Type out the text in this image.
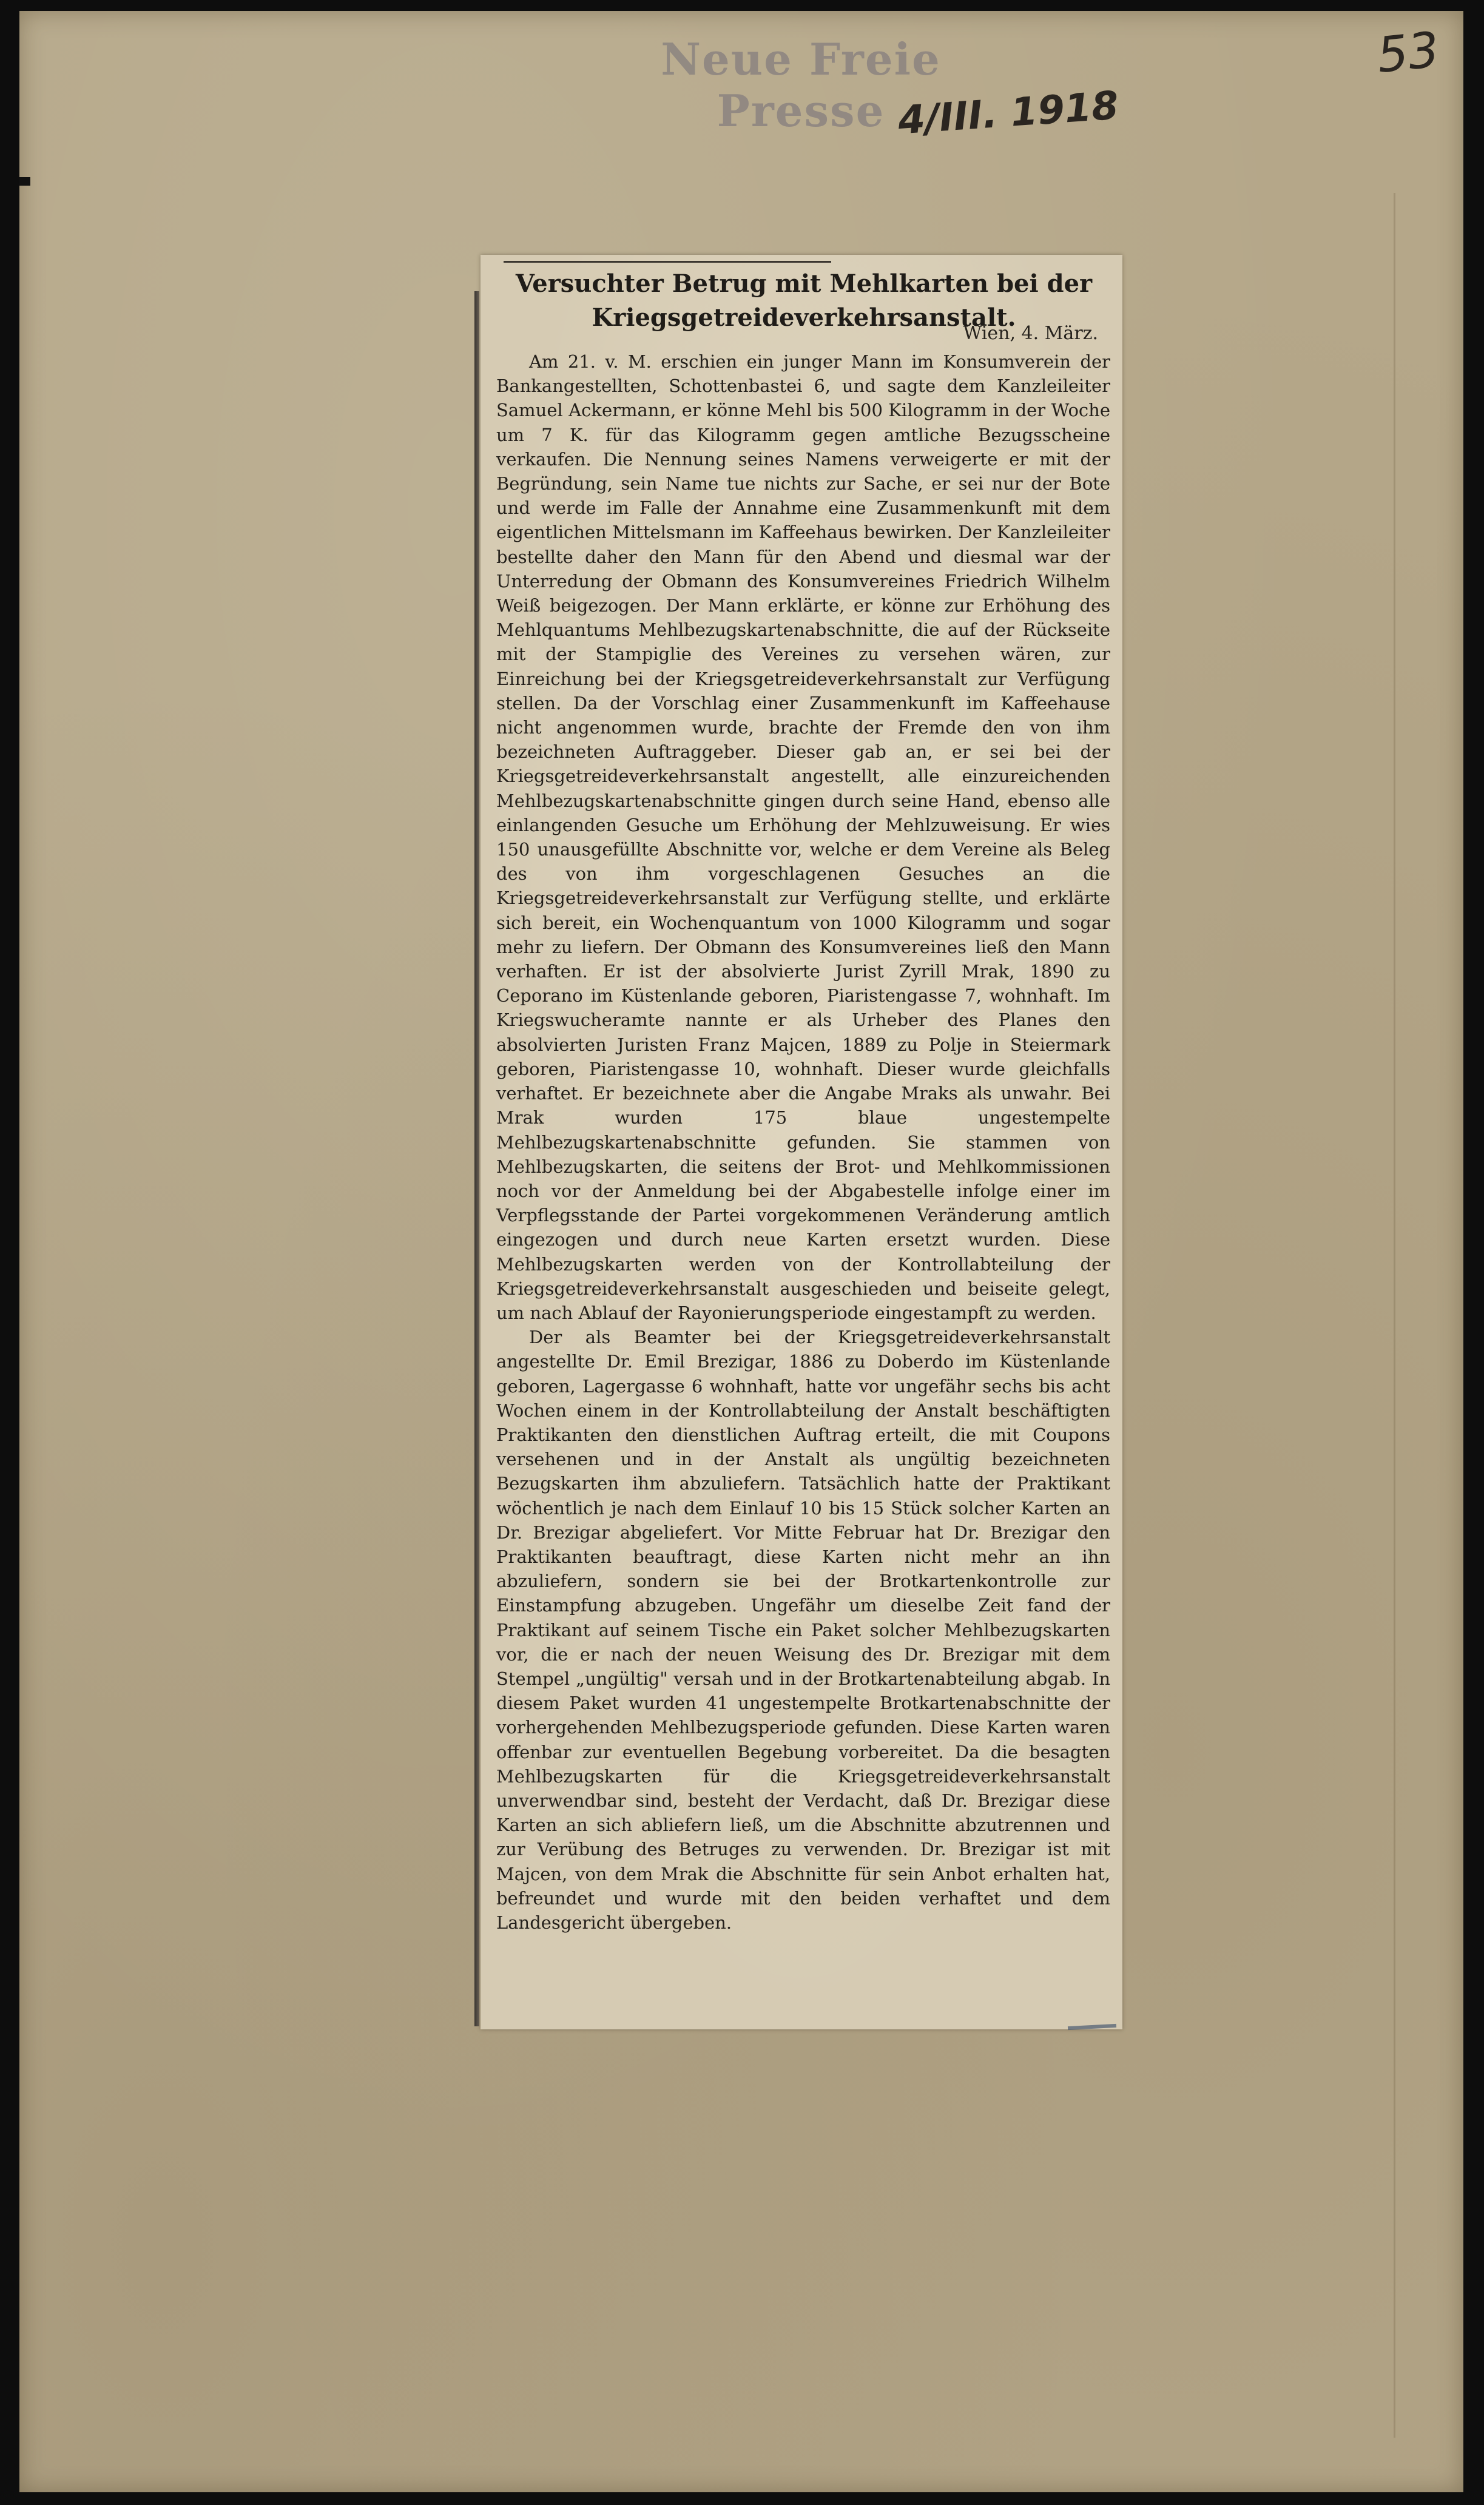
Neue Freie Presse 4/III. 1918
53
Versuchter Betrug mit Mehlkarten bei der Kriegsgetreideverkehrsanstalt.
Wien, 4. März.

Am 21. v. M. erschien ein junger Mann im Konsumverein der Bankangestellten, Schottenbastei 6, und sagte dem Kanzleileiter Samuel Ackermann, er könne Mehl bis 500 Kilogramm in der Woche um 7 K. für das Kilogramm gegen amtliche Bezugsscheine verkaufen. Die Nennung seines Namens verweigerte er mit der Begründung, sein Name tue nichts zur Sache, er sei nur der Bote und werde im Falle der Annahme eine Zusammenkunft mit dem eigentlichen Mittelsmann im Kaffeehaus bewirken. Der Kanzleileiter bestellte daher den Mann für den Abend und diesmal war der Unterredung der Obmann des Konsumvereines Friedrich Wilhelm Weiß beigezogen. Der Mann erklärte, er könne zur Erhöhung des Mehlquantums Mehlbezugskartenabschnitte, die auf der Rückseite mit der Stampiglie des Vereines zu versehen wären, zur Einreichung bei der Kriegsgetreideverkehrsanstalt zur Verfügung stellen. Da der Vorschlag einer Zusammenkunft im Kaffeehause nicht angenommen wurde, brachte der Fremde den von ihm bezeichneten Auftraggeber. Dieser gab an, er sei bei der Kriegsgetreideverkehrsanstalt angestellt, alle einzureichenden Mehlbezugskartenabschnitte gingen durch seine Hand, ebenso alle einlangenden Gesuche um Erhöhung der Mehlzuweisung. Er wies 150 unausgefüllte Abschnitte vor, welche er dem Vereine als Beleg des von ihm vorgeschlagenen Gesuches an die Kriegsgetreideverkehrsanstalt zur Verfügung stellte, und erklärte sich bereit, ein Wochenquantum von 1000 Kilogramm und sogar mehr zu liefern. Der Obmann des Konsumvereines ließ den Mann verhaften. Er ist der absolvierte Jurist Zyrill Mrak, 1890 zu Ceporano im Küstenlande geboren, Piaristengasse 7, wohnhaft. Im Kriegswucheramte nannte er als Urheber des Planes den absolvierten Juristen Franz Majcen, 1889 zu Polje in Steiermark geboren, Piaristengasse 10, wohnhaft. Dieser wurde gleichfalls verhaftet. Er bezeichnete aber die Angabe Mraks als unwahr. Bei Mrak wurden 175 blaue ungestempelte Mehlbezugskartenabschnitte gefunden. Sie stammen von Mehlbezugskarten, die seitens der Brot- und Mehlkommissionen noch vor der Anmeldung bei der Abgabestelle infolge einer im Verpflegsstande der Partei vorgekommenen Veränderung amtlich eingezogen und durch neue Karten ersetzt wurden. Diese Mehlbezugskarten werden von der Kontrollabteilung der Kriegsgetreideverkehrsanstalt ausgeschieden und beiseite gelegt, um nach Ablauf der Rayonierungsperiode eingestampft zu werden.

Der als Beamter bei der Kriegsgetreideverkehrsanstalt angestellte Dr. Emil Brezigar, 1886 zu Doberdo im Küstenlande geboren, Lagergasse 6 wohnhaft, hatte vor ungefähr sechs bis acht Wochen einem in der Kontrollabteilung der Anstalt beschäftigten Praktikanten den dienstlichen Auftrag erteilt, die mit Coupons versehenen und in der Anstalt als ungültig bezeichneten Bezugskarten ihm abzuliefern. Tatsächlich hatte der Praktikant wöchentlich je nach dem Einlauf 10 bis 15 Stück solcher Karten an Dr. Brezigar abgeliefert. Vor Mitte Februar hat Dr. Brezigar den Praktikanten beauftragt, diese Karten nicht mehr an ihn abzuliefern, sondern sie bei der Brotkartenkontrolle zur Einstampfung abzugeben. Ungefähr um dieselbe Zeit fand der Praktikant auf seinem Tische ein Paket solcher Mehlbezugskarten vor, die er nach der neuen Weisung des Dr. Brezigar mit dem Stempel „ungültig" versah und in der Brotkartenabteilung abgab. In diesem Paket wurden 41 ungestempelte Brotkartenabschnitte der vorhergehenden Mehlbezugsperiode gefunden. Diese Karten waren offenbar zur eventuellen Begebung vorbereitet. Da die besagten Mehlbezugskarten für die Kriegsgetreideverkehrsanstalt unverwendbar sind, besteht der Verdacht, daß Dr. Brezigar diese Karten an sich abliefern ließ, um die Abschnitte abzutrennen und zur Verübung des Betruges zu verwenden. Dr. Brezigar ist mit Majcen, von dem Mrak die Abschnitte für sein Anbot erhalten hat, befreundet und wurde mit den beiden verhaftet und dem Landesgericht übergeben.
